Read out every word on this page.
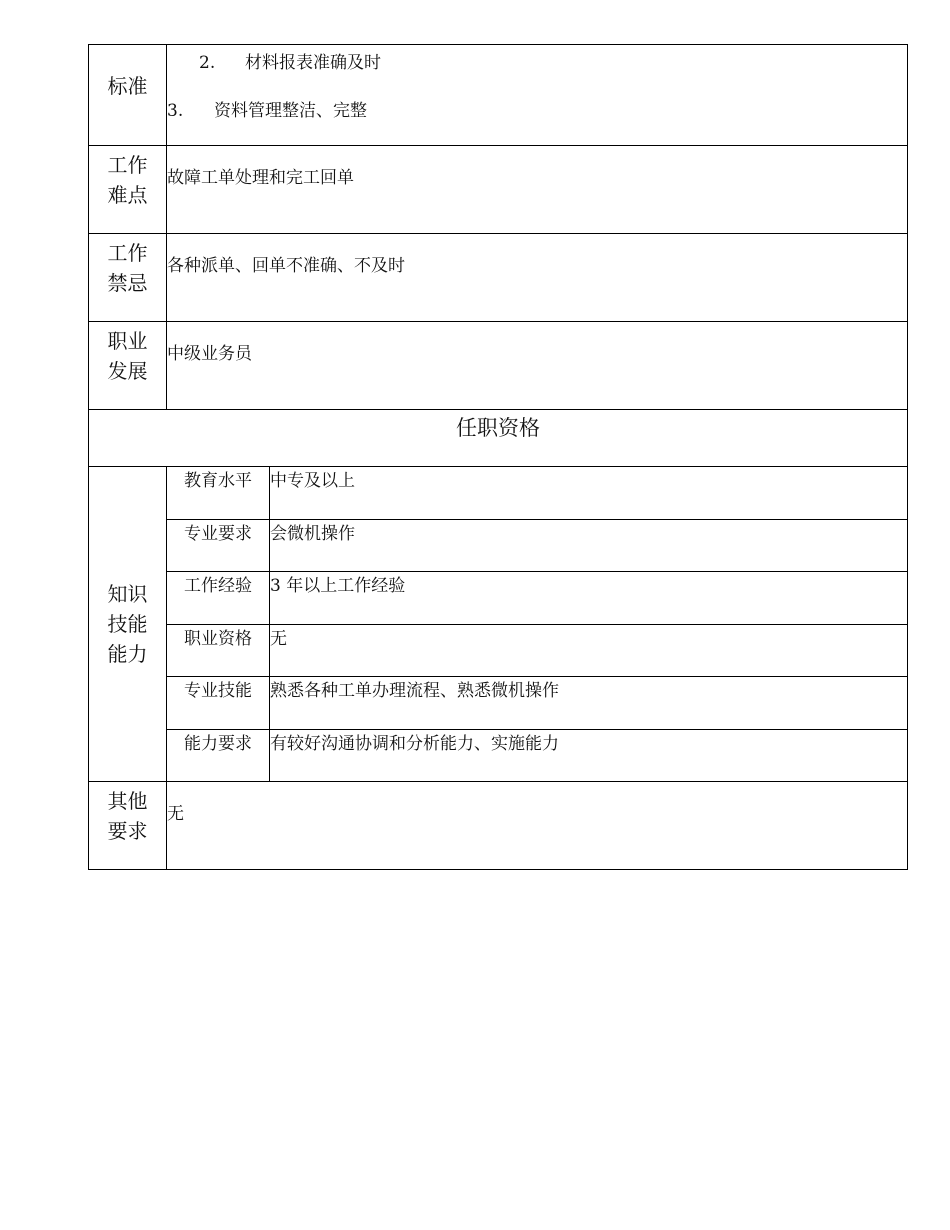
标准	2. 材料报表准确及时
3. 资料管理整洁、完整	

工作
难点	故障工单处理和完工回单	

工作
禁忌	各种派单、回单不准确、不及时	

职业
发展	中级业务员	
任职资格		

知识
技能
能力	教育水平	中专及以上
	专业要求	会微机操作
	工作经验	3 年以上工作经验
	职业资格	无
	专业技能	熟悉各种工单办理流程、熟悉微机操作
	能力要求	有较好沟通协调和分析能力、实施能力

其他
要求	无	
